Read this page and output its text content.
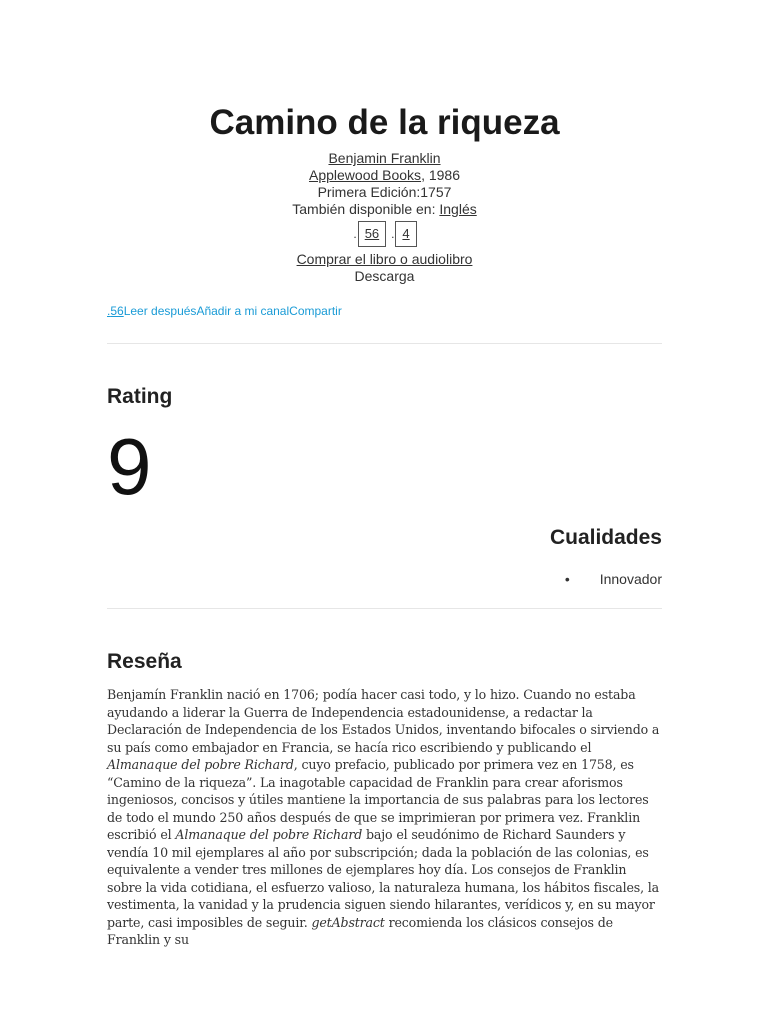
Camino de la riqueza
Benjamin Franklin
Applewood Books, 1986
Primera Edición:1757
También disponible en: Inglés
. 56 . 4
Comprar el libro o audiolibro
Descarga
.56Leer despuésAñadir a mi canalCompartir
Rating
9
Cualidades
• Innovador
Reseña
Benjamín Franklin nació en 1706; podía hacer casi todo, y lo hizo. Cuando no estaba ayudando a liderar la Guerra de Independencia estadounidense, a redactar la Declaración de Independencia de los Estados Unidos, inventando bifocales o sirviendo a su país como embajador en Francia, se hacía rico escribiendo y publicando el Almanaque del pobre Richard, cuyo prefacio, publicado por primera vez en 1758, es “Camino de la riqueza”. La inagotable capacidad de Franklin para crear aforismos ingeniosos, concisos y útiles mantiene la importancia de sus palabras para los lectores de todo el mundo 250 años después de que se imprimieran por primera vez. Franklin escribió el Almanaque del pobre Richard bajo el seudónimo de Richard Saunders y vendía 10 mil ejemplares al año por subscripción; dada la población de las colonias, es equivalente a vender tres millones de ejemplares hoy día. Los consejos de Franklin sobre la vida cotidiana, el esfuerzo valioso, la naturaleza humana, los hábitos fiscales, la vestimenta, la vanidad y la prudencia siguen siendo hilarantes, verídicos y, en su mayor parte, casi imposibles de seguir. getAbstract recomienda los clásicos consejos de Franklin y su
